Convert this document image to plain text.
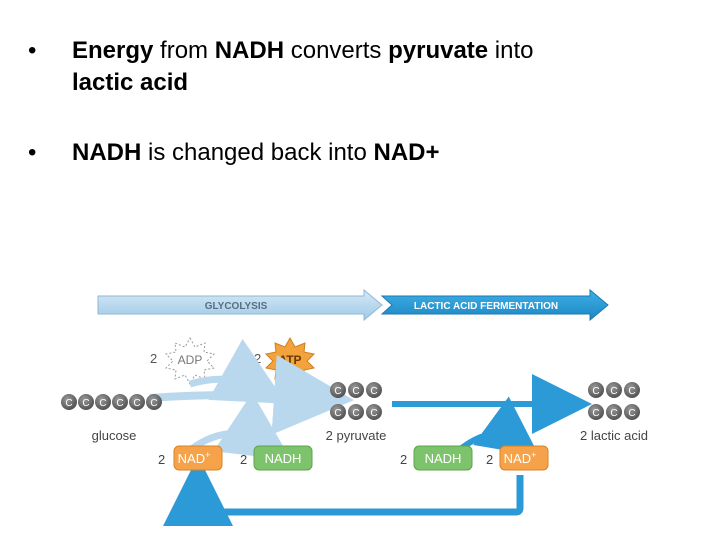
•	Energy from NADH converts pyruvate into
lactic acid
•	NADH is changed back into NAD+
GLYCOLYSIS	LACTIC ACID FERMENTATION
2 ADP	2 ATP
C C C C C C
glucose
C C C
C C C
2 pyruvate
C C C
C C C
2 lactic acid
2 NAD+ 2 NADH	2 NADH 2 NAD+
